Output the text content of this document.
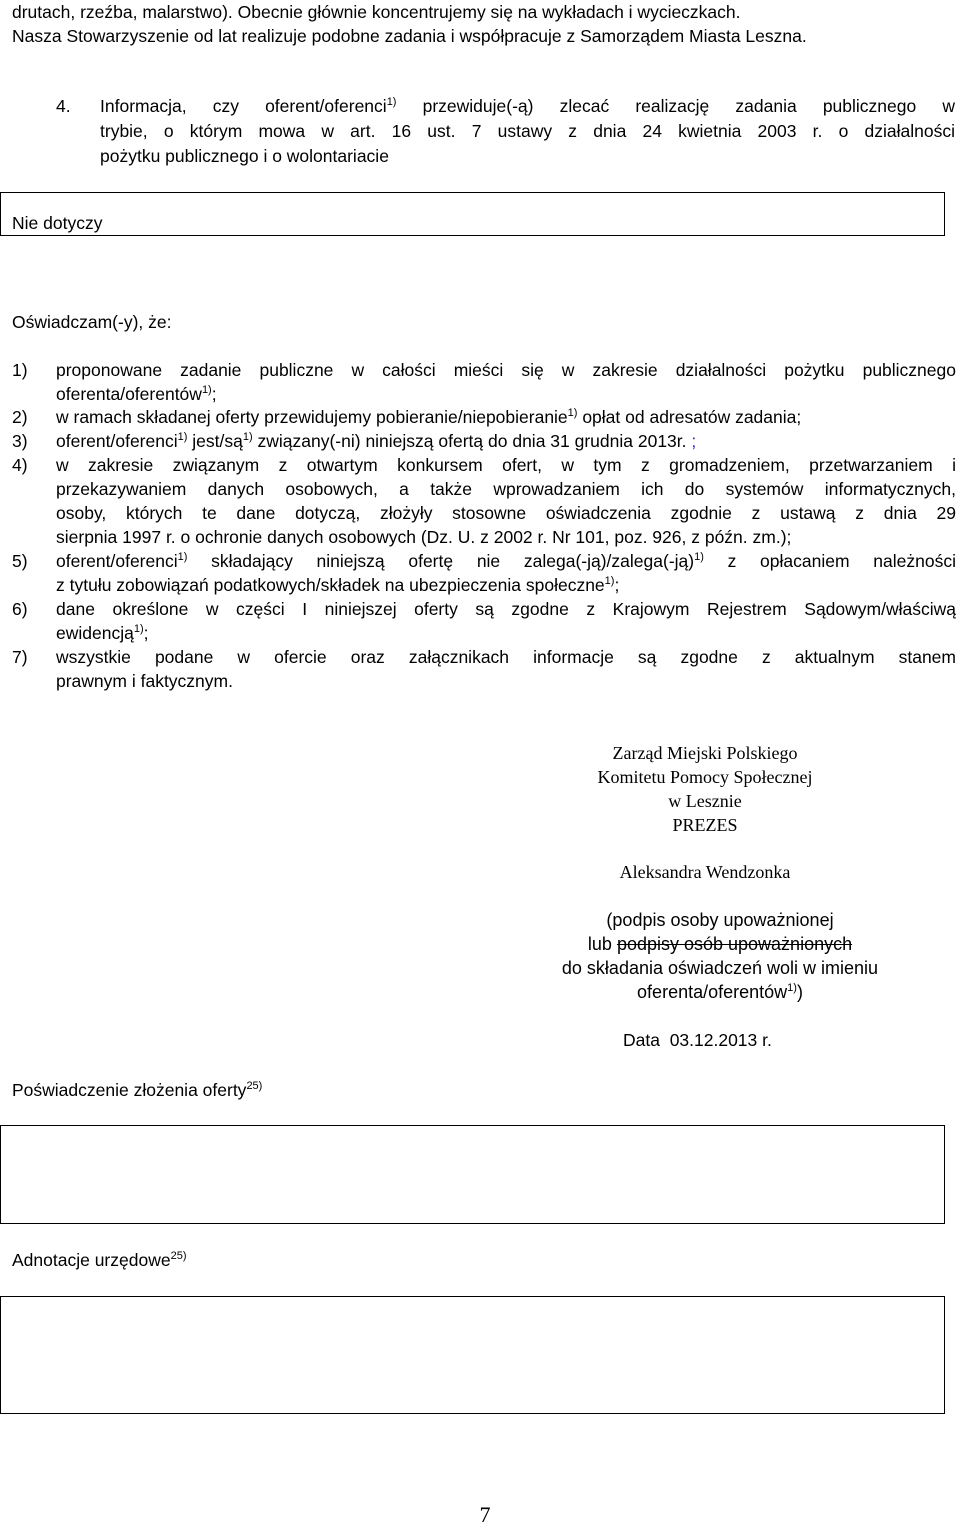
drutach, rzeźba, malarstwo). Obecnie głównie koncentrujemy się na wykładach i wycieczkach.
Nasza Stowarzyszenie od lat realizuje podobne zadania i współpracuje z Samorządem Miasta Leszna.
4. Informacja, czy oferent/oferenci$^{1)}$ przewiduje(-ą) zlecać realizację zadania publicznego w
trybie, o którym mowa w art. 16 ust. 7 ustawy z dnia 24 kwietnia 2003 r. o działalności
pożytku publicznego i o wolontariacie
Nie dotyczy
Oświadczam(-y), że:
1) proponowane zadanie publiczne w całości mieści się w zakresie działalności pożytku publicznego
oferenta/oferentów$^{1)}$;
2) w ramach składanej oferty przewidujemy pobieranie/niepobieranie$^{1)}$ opłat od adresatów zadania;
3) oferent/oferenci$^{1)}$ jest/$są^{1)}$ związany(-ni) niniejszą ofertą do dnia 31 grudnia 2013r. ;
4) w zakresie związanym z otwartym konkursem ofert, w tym z gromadzeniem, przetwarzaniem i
przekazywaniem danych osobowych, a także wprowadzaniem ich do systemów informatycznych,
osoby, których te dane dotyczą, złożyły stosowne oświadczenia zgodnie z ustawą z dnia 29
sierpnia 1997 r. o ochronie danych osobowych (Dz. U. z 2002 r. Nr 101, poz. 926, z późn. zm.);
5) oferent/oferenci$^{1)}$ składający niniejszą ofertę nie zalega(-ją)/zalega(-ją)$^{1)}$ z opłacaniem należności
z tytułu zobowiązań podatkowych/składek na ubezpieczenia społeczne$^{1)}$;
6) dane określone w części I niniejszej oferty są zgodne z Krajowym Rejestrem Sądowym/właściwą
ewidencją$^{1)}$;
7) wszystkie podane w ofercie oraz załącznikach informacje są zgodne z aktualnym stanem
prawnym i faktycznym.
Zarząd Miejski Polskiego
Komitetu Pomocy Społecznej
w Lesznie
PREZES
Aleksandra Wendzonka
(podpis osoby upoważnionej
lub podpisy osób upoważnionych
do składania oświadczeń woli w imieniu
oferenta/oferentów$^{1)}$)
Data  03.12.2013 r.
Poświadczenie złożenia oferty$^{25)}$
Adnotacje urzędowe$^{25)}$
7
